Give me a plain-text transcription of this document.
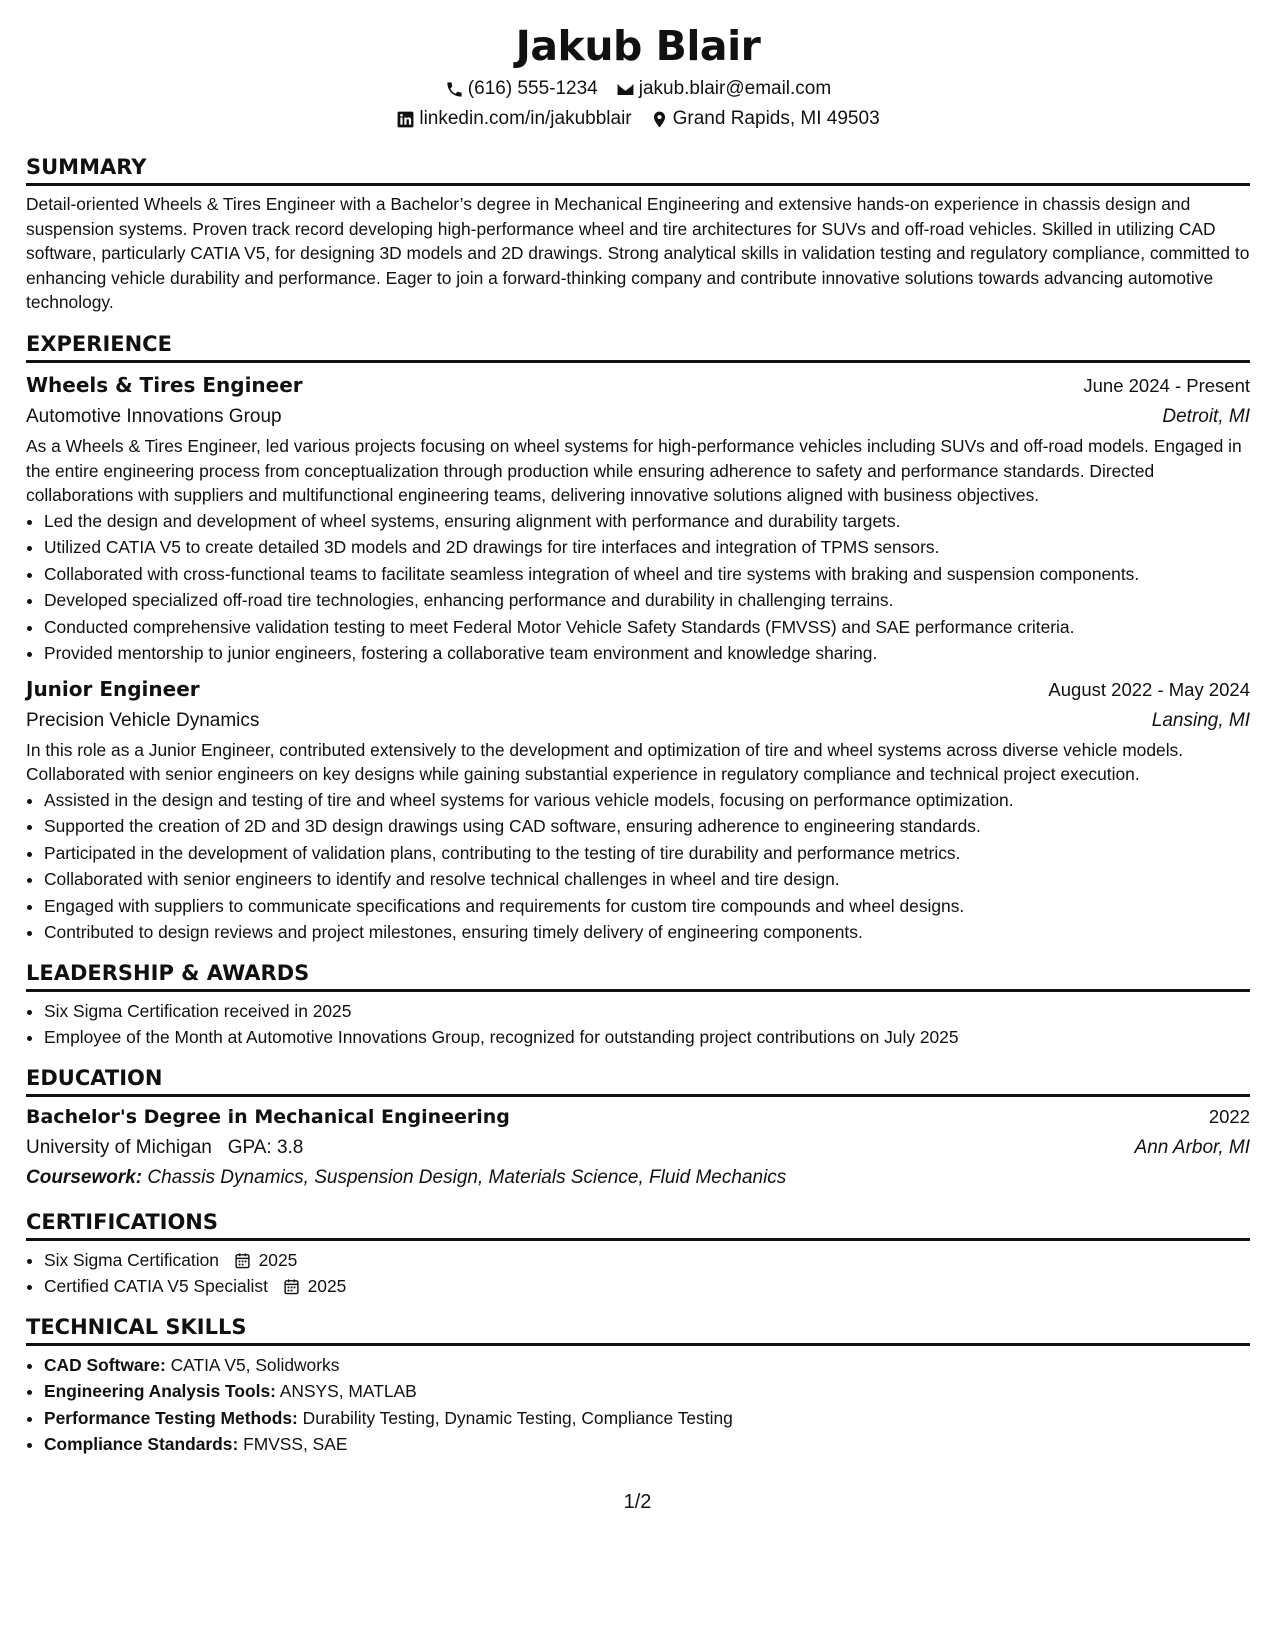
Jakub Blair
(616) 555-1234 jakub.blair@email.com
linkedin.com/in/jakubblair Grand Rapids, MI 49503
SUMMARY

Detail-oriented Wheels & Tires Engineer with a Bachelor’s degree in Mechanical Engineering and extensive hands-on experience in chassis design and suspension systems. Proven track record developing high-performance wheel and tire architectures for SUVs and off-road vehicles. Skilled in utilizing CAD software, particularly CATIA V5, for designing 3D models and 2D drawings. Strong analytical skills in validation testing and regulatory compliance, committed to enhancing vehicle durability and performance. Eager to join a forward-thinking company and contribute innovative solutions towards advancing automotive technology.

EXPERIENCE
Wheels & Tires Engineer	June 2024 - Present
Automotive Innovations Group	Detroit, MI

As a Wheels & Tires Engineer, led various projects focusing on wheel systems for high-performance vehicles including SUVs and off-road models. Engaged in the entire engineering process from conceptualization through production while ensuring adherence to safety and performance standards. Directed collaborations with suppliers and multifunctional engineering teams, delivering innovative solutions aligned with business objectives.

• Led the design and development of wheel systems, ensuring alignment with performance and durability targets.
• Utilized CATIA V5 to create detailed 3D models and 2D drawings for tire interfaces and integration of TPMS sensors.
• Collaborated with cross-functional teams to facilitate seamless integration of wheel and tire systems with braking and suspension components.
• Developed specialized off-road tire technologies, enhancing performance and durability in challenging terrains.
• Conducted comprehensive validation testing to meet Federal Motor Vehicle Safety Standards (FMVSS) and SAE performance criteria.
• Provided mentorship to junior engineers, fostering a collaborative team environment and knowledge sharing.
Junior Engineer	August 2022 - May 2024
Precision Vehicle Dynamics	Lansing, MI

In this role as a Junior Engineer, contributed extensively to the development and optimization of tire and wheel systems across diverse vehicle models. Collaborated with senior engineers on key designs while gaining substantial experience in regulatory compliance and technical project execution.

• Assisted in the design and testing of tire and wheel systems for various vehicle models, focusing on performance optimization.
• Supported the creation of 2D and 3D design drawings using CAD software, ensuring adherence to engineering standards.
• Participated in the development of validation plans, contributing to the testing of tire durability and performance metrics.
• Collaborated with senior engineers to identify and resolve technical challenges in wheel and tire design.
• Engaged with suppliers to communicate specifications and requirements for custom tire compounds and wheel designs.
• Contributed to design reviews and project milestones, ensuring timely delivery of engineering components.
LEADERSHIP & AWARDS
• Six Sigma Certification received in 2025
• Employee of the Month at Automotive Innovations Group, recognized for outstanding project contributions on July 2025
EDUCATION
Bachelor's Degree in Mechanical Engineering	2022
University of Michigan GPA: 3.8	Ann Arbor, MI
Coursework: Chassis Dynamics, Suspension Design, Materials Science, Fluid Mechanics
CERTIFICATIONS
• Six Sigma Certification 2025
• Certified CATIA V5 Specialist 2025
TECHNICAL SKILLS
• CAD Software: CATIA V5, Solidworks
• Engineering Analysis Tools: ANSYS, MATLAB
• Performance Testing Methods: Durability Testing, Dynamic Testing, Compliance Testing
• Compliance Standards: FMVSS, SAE
1/2
